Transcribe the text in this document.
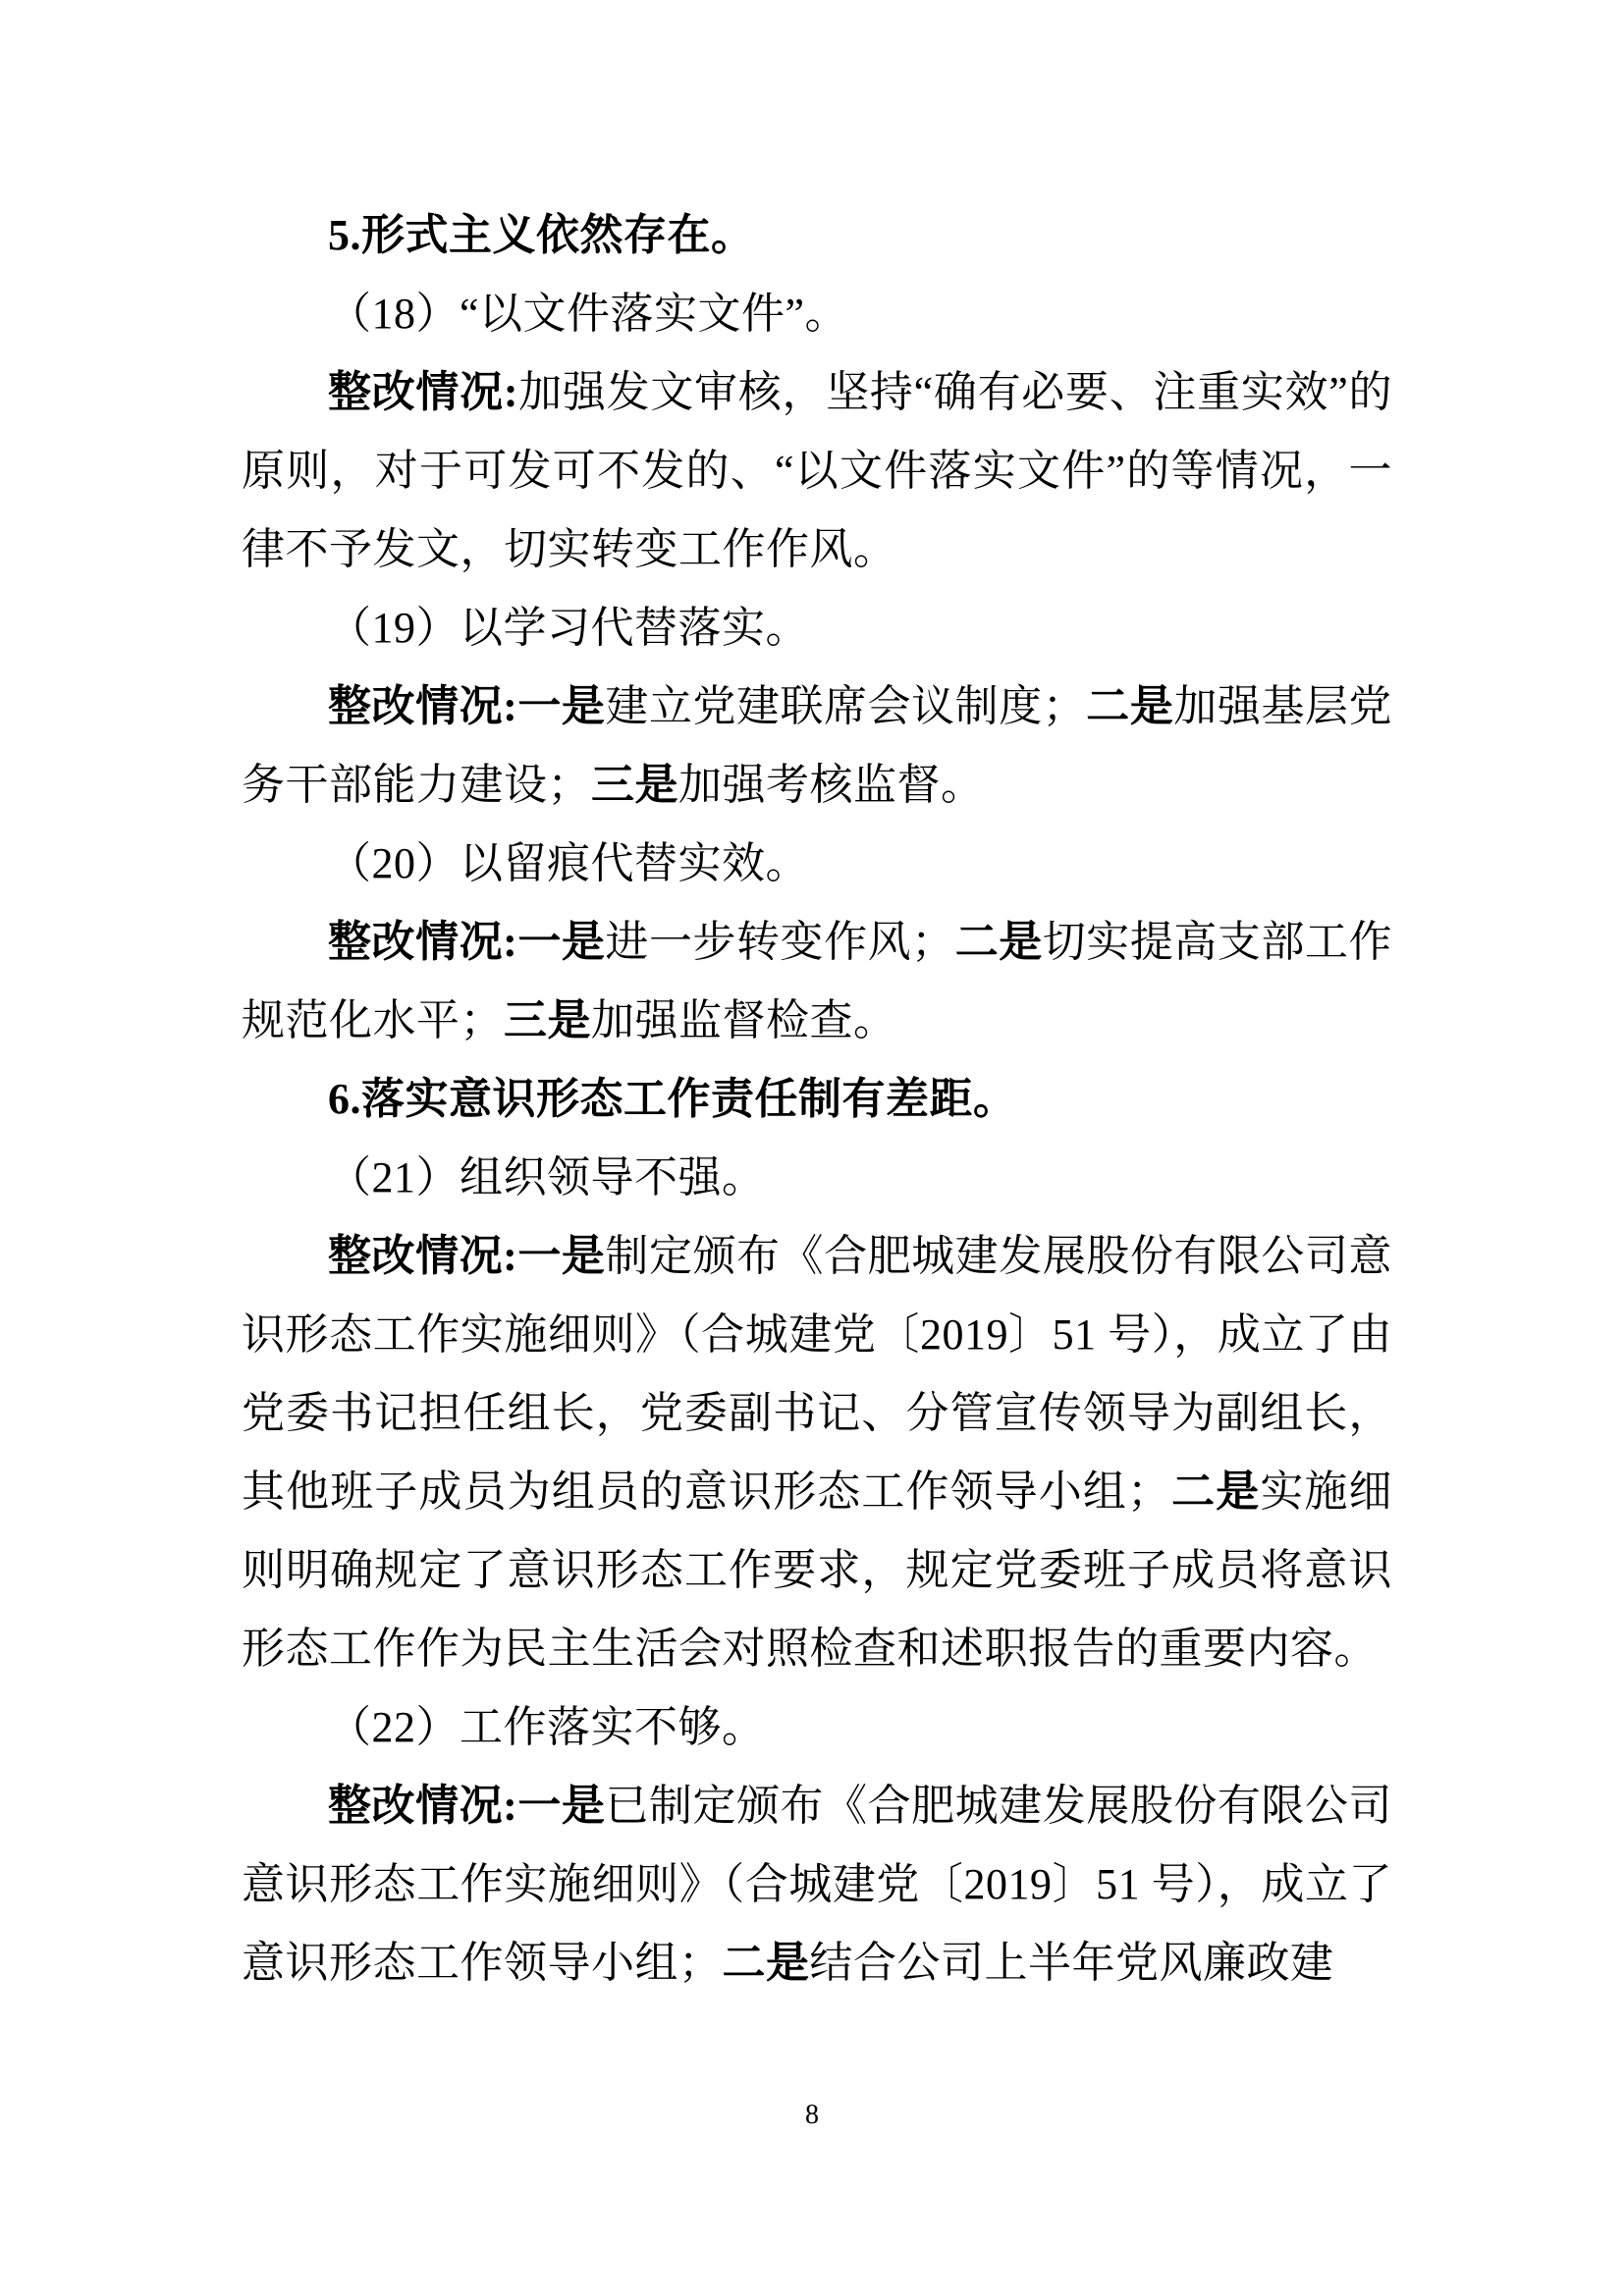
5.形式主义依然存在。

（18）“以文件落实文件”。

整改情况:加强发文审核，坚持“确有必要、注重实效”的原则，对于可发可不发的、“以文件落实文件”的等情况，一律不予发文，切实转变工作作风。

（19）以学习代替落实。

整改情况:一是建立党建联席会议制度；二是加强基层党务干部能力建设；三是加强考核监督。

（20）以留痕代替实效。

整改情况:一是进一步转变作风；二是切实提高支部工作规范化水平；三是加强监督检查。

6.落实意识形态工作责任制有差距。

（21）组织领导不强。

整改情况:一是制定颁布《合肥城建发展股份有限公司意识形态工作实施细则》（合城建党〔2019〕51 号），成立了由党委书记担任组长，党委副书记、分管宣传领导为副组长，其他班子成员为组员的意识形态工作领导小组；二是实施细则明确规定了意识形态工作要求，规定党委班子成员将意识形态工作作为民主生活会对照检查和述职报告的重要内容。

（22）工作落实不够。

整改情况:一是已制定颁布《合肥城建发展股份有限公司意识形态工作实施细则》（合城建党〔2019〕51 号），成立了意识形态工作领导小组；二是结合公司上半年党风廉政建

8
